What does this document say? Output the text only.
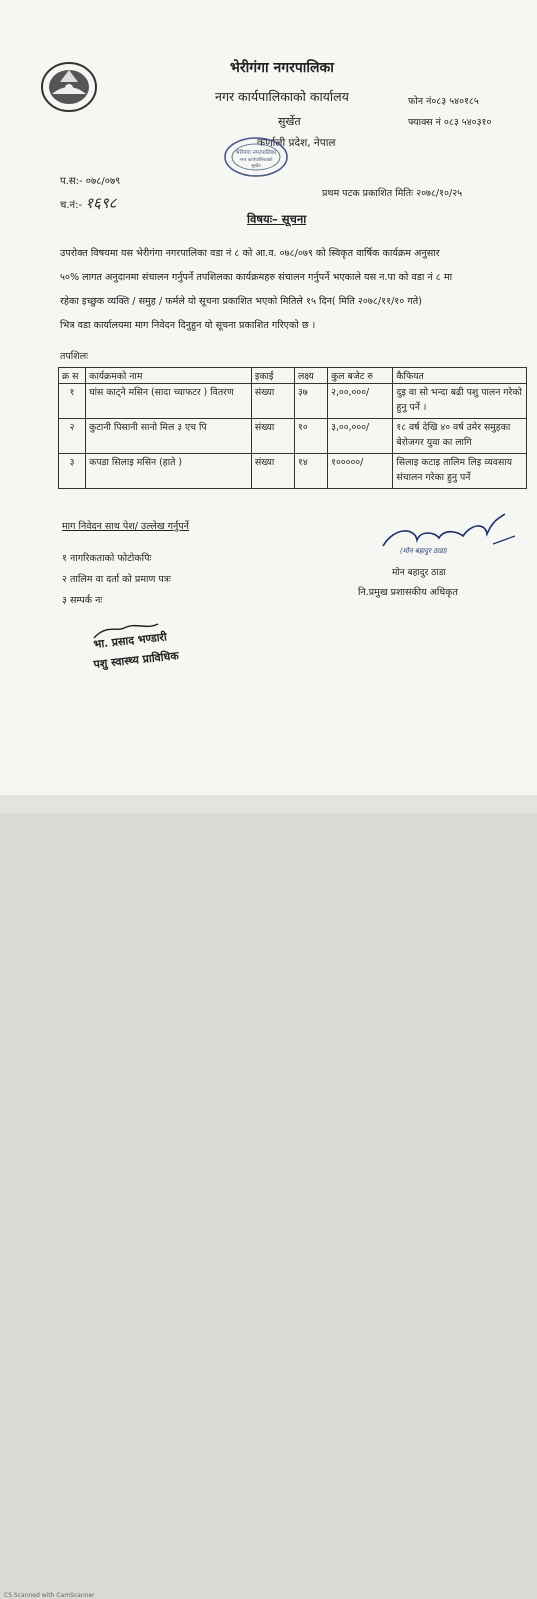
भेरीगंगा नगरपालिका
नगर कार्यपालिकाको कार्यालय
सुर्खेत
कर्णाली प्रदेश, नेपाल
फोन नं०८३ ५४०१८५
फ्याक्स नं ०८३ ५४०३१०
भेरीगंगा नगरपालिका
नगर कार्यपालिकाको
सुर्खेत
प.स:- ०७८/०७९
च.नं:- १६९८
प्रथम पटक प्रकाशित मितिः २०७८/१०/२५
विषयः– सूचना
उपरोक्त विषयमा यस भेरीगंगा नगरपालिका वडा नं ८ को आ.व. ०७८/०७९ को स्विकृत वार्षिक कार्यक्रम अनुसार
५०% लागत अनुदानमा संचालन गर्नुपर्ने तपशिलका कार्यक्रमहरु संचालन गर्नुपर्ने भएकाले यस न.पा को वडा नं ८ मा
रहेका इच्छुक व्यक्ति / समुह / फर्मले यो सूचना प्रकाशित भएको मितिले १५ दिन( मिति २०७८/११/१० गते)
भित्र वडा कार्यालयमा माग निवेदन दिनुहुन यो सूचना प्रकाशित गरिएको छ ।
तपशिलः
क्र स	कार्यक्रमको नाम	इकाई	लक्ष्य	कुल बजेट रु	कैफियत
१	घांस काट्ने मसिन (सादा च्याफटर ) वितरण	संख्या	३७	२,००,०००/	दुइ वा सो भन्दा बढी पशु पालन गरेको हुनु पर्ने ।
२	कुटानी पिसानी सानो मिल ३ एच पि	संख्या	१०	३,००,०००/	१८ वर्ष देखि ४० वर्ष उमेर समुहका बेरोजगर युवा का लागि
३	कपडा सिलाइ मसिन (हाते )	संख्या	१४	१०००००/	सिलाइ कटाइ तालिम लिइ व्यवसाय संचालन गरेका हुनु पर्ने
माग निवेदन साथ पेश/ उल्लेख गर्नुपर्ने
१ नागरिकताको फोटोकपिः
२ तालिम वा दर्ता को प्रमाण पत्रः
३ सम्पर्क नः
(मोन बहादुर ठाडा)
मोन बहादुर ठाडा
नि.प्रमुख प्रशासकीय अधिकृत
भा. प्रसाद भण्डारी
पशु स्वास्थ्य प्राविधिक
CS Scanned with CamScanner
